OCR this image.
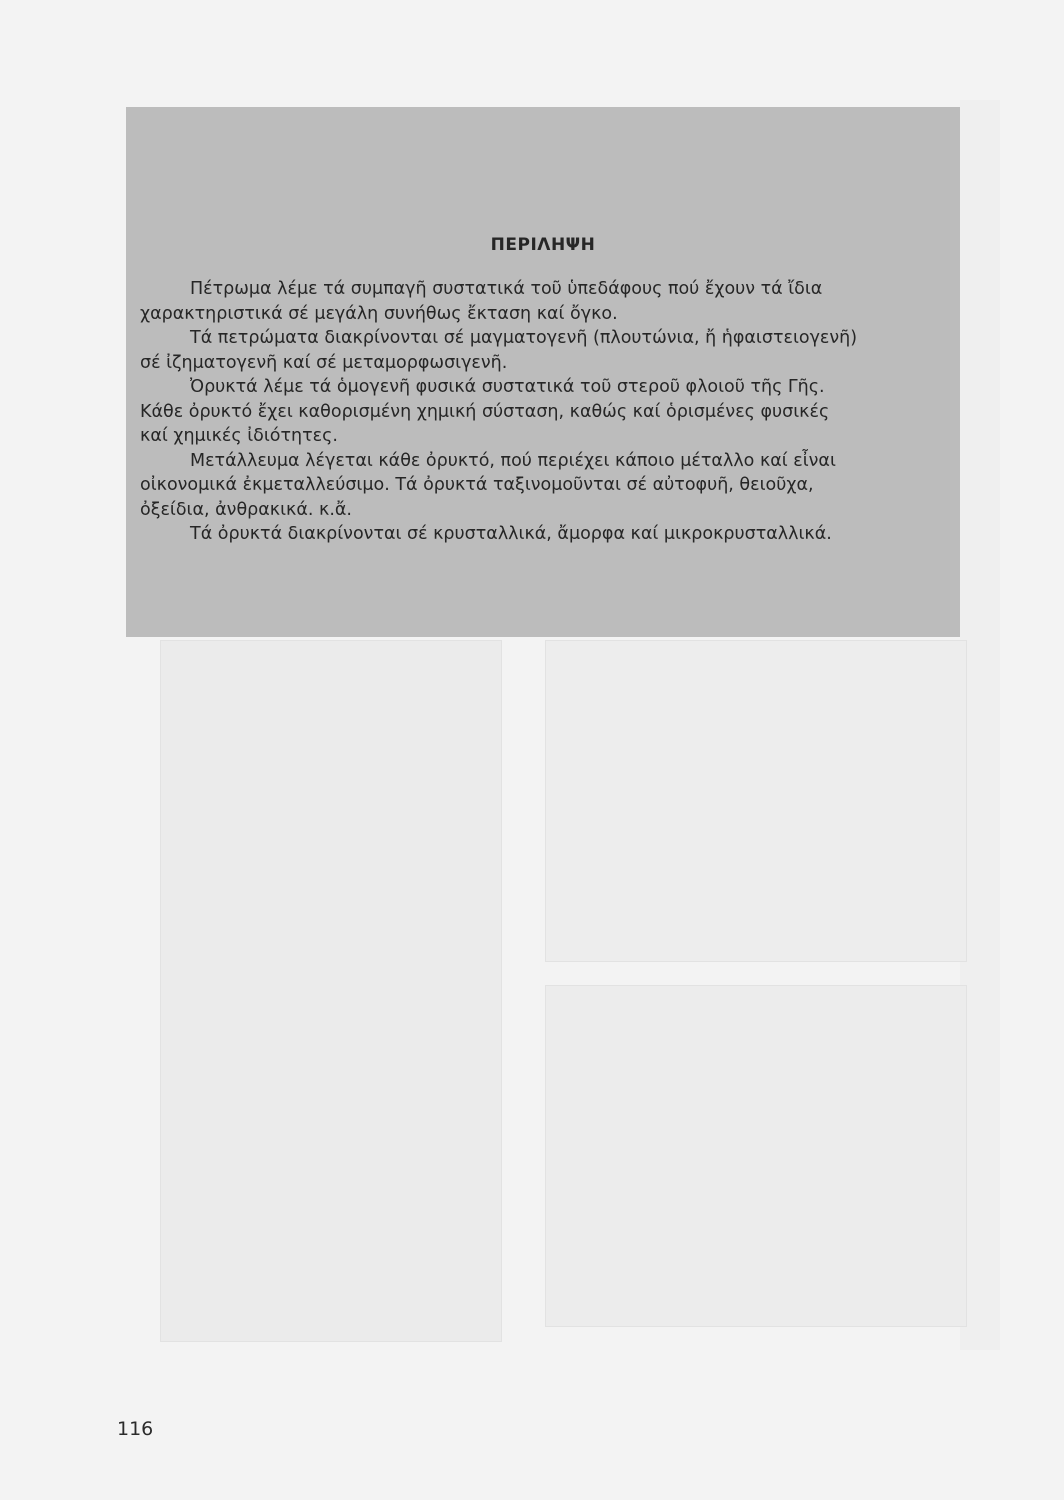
ΠΕΡΙΛΗΨΗ

Πέτρωμα λέμε τά συμπαγῆ συστατικά τοῦ ὑπεδάφους πού ἔχουν τά ἴδια

χαρακτηριστικά σέ μεγάλη συνήθως ἔκταση καί ὄγκο.

Τά πετρώματα διακρίνονται σέ μαγματογενῆ (πλουτώνια, ἤ ἡφαιστειογενῆ)

σέ ἰζηματογενῆ καί σέ μεταμορφωσιγενῆ.

Ὀρυκτά λέμε τά ὁμογενῆ φυσικά συστατικά τοῦ στεροῦ φλοιοῦ τῆς Γῆς.

Κάθε ὀρυκτό ἔχει καθορισμένη χημική σύσταση, καθώς καί ὁρισμένες φυσικές

καί χημικές ἰδιότητες.

Μετάλλευμα λέγεται κάθε ὀρυκτό, πού περιέχει κάποιο μέταλλο καί εἶναι

οἰκονομικά ἐκμεταλλεύσιμο. Τά ὀρυκτά ταξινομοῦνται σέ αὐτοφυῆ, θειοῦχα,

ὀξείδια, ἀνθρακικά. κ.ἄ.

Τά ὀρυκτά διακρίνονται σέ κρυσταλλικά, ἄμορφα καί μικροκρυσταλλικά.

116
